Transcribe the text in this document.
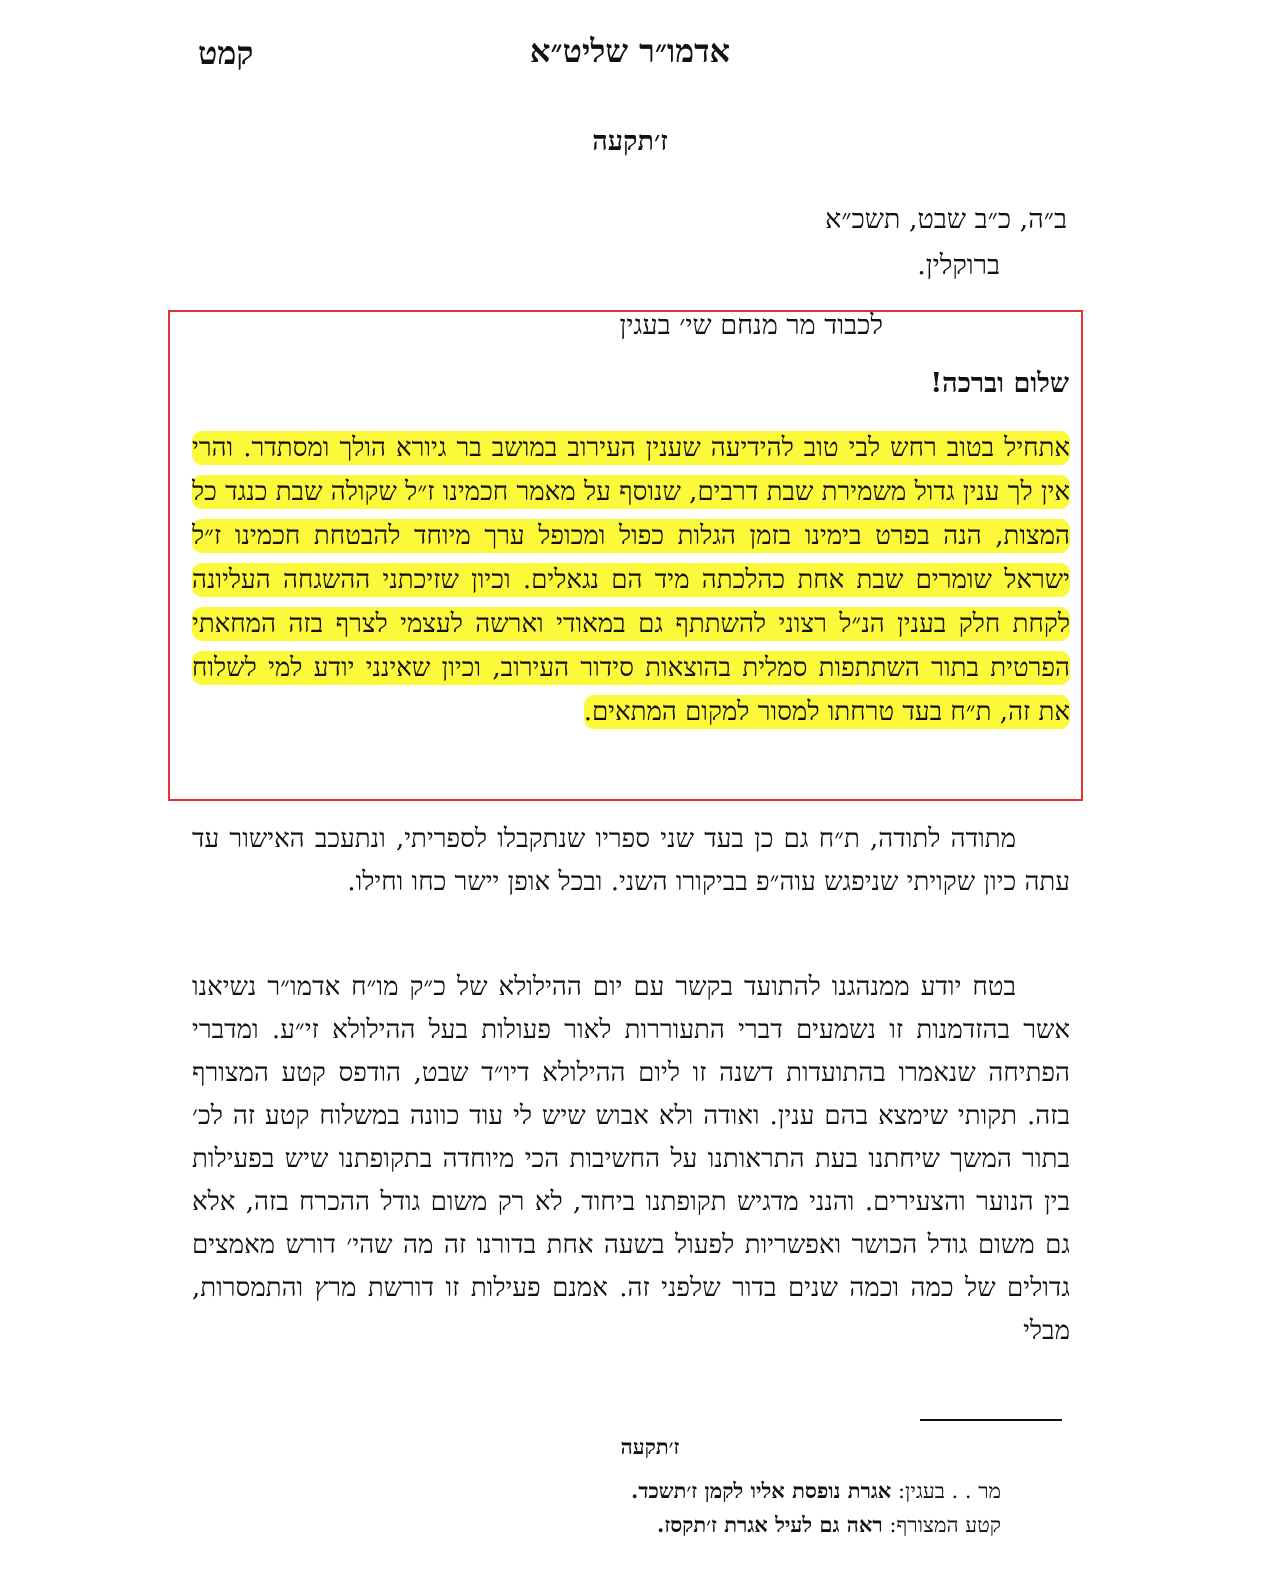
קמט	אדמו״ר שליט״א
ז׳תקעה
ב״ה, כ״ב שבט, תשכ״א
ברוקלין.
לכבוד מר מנחם שי׳ בעגין
שלום וברכה!
אתחיל בטוב רחש לבי טוב להידיעה שענין העירוב במושב בר גיורא הולך ומסתדר. והרי אין לך ענין גדול משמירת שבת דרבים, שנוסף על מאמר חכמינו ז״ל שקולה שבת כנגד כל המצות, הנה בפרט בימינו בזמן הגלות כפול ומכופל ערך מיוחד להבטחת חכמינו ז״ל ישראל שומרים שבת אחת כהלכתה מיד הם נגאלים. וכיון שזיכתני ההשגחה העליונה לקחת חלק בענין הנ״ל רצוני להשתתף גם במאודי וארשה לעצמי לצרף בזה המחאתי הפרטית בתור השתתפות סמלית בהוצאות סידור העירוב, וכיון שאינני יודע למי לשלוח את זה, ת״ח בעד טרחתו למסור למקום המתאים.
מתודה לתודה, ת״ח גם כן בעד שני ספריו שנתקבלו לספריתי, ונתעכב האישור עד עתה כיון שקויתי שניפגש עוה״פ בביקורו השני. ובכל אופן יישר כחו וחילו.
בטח יודע ממנהגנו להתועד בקשר עם יום ההילולא של כ״ק מו״ח אדמו״ר נשיאנו אשר בהזדמנות זו נשמעים דברי התעוררות לאור פעולות בעל ההילולא זי״ע. ומדברי הפתיחה שנאמרו בהתועדות דשנה זו ליום ההילולא דיו״ד שבט, הודפס קטע המצורף בזה. תקותי שימצא בהם ענין. ואודה ולא אבוש שיש לי עוד כוונה במשלוח קטע זה לכ׳ בתור המשך שיחתנו בעת התראותנו על החשיבות הכי מיוחדה בתקופתנו שיש בפעילות בין הנוער והצעירים. והנני מדגיש תקופתנו ביחוד, לא רק משום גודל ההכרח בזה, אלא גם משום גודל הכושר ואפשריות לפעול בשעה אחת בדורנו זה מה שהי׳ דורש מאמצים גדולים של כמה וכמה שנים בדור שלפני זה. אמנם פעילות זו דורשת מרץ והתמסרות, מבלי
ז׳תקעה
מר . . בעגין: אגרת נופסת אליו לקמן ז׳תשכד.
קטע המצורף: ראה גם לעיל אגרת ז׳תקסז.
